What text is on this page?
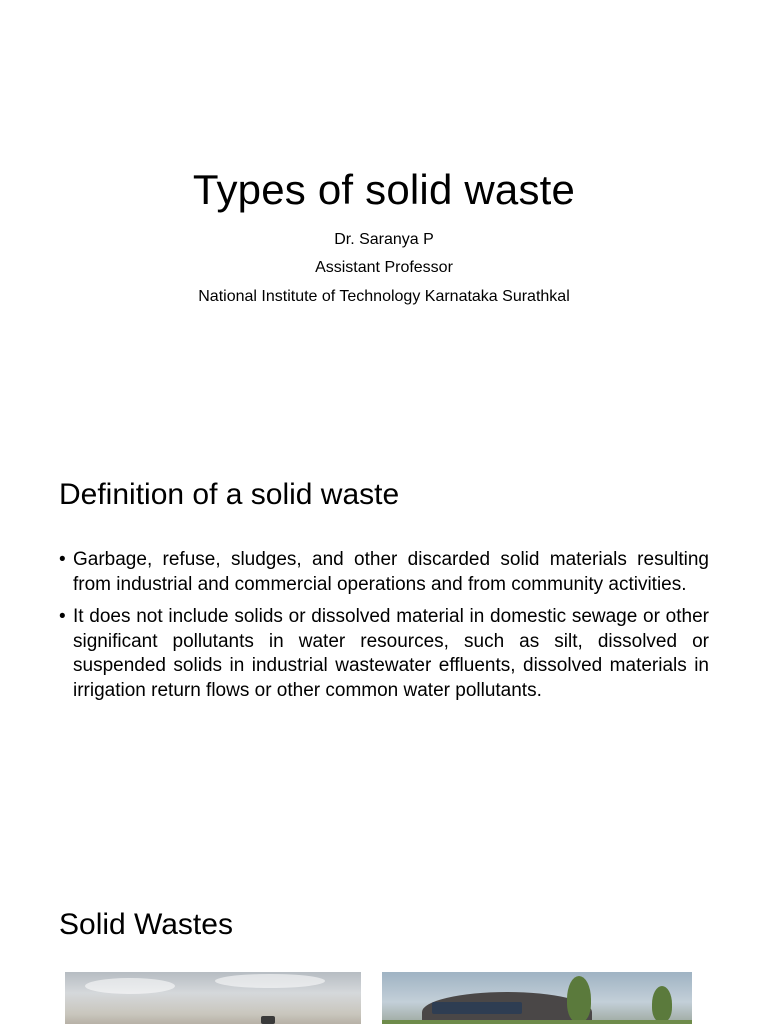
Types of solid waste
Dr. Saranya P
Assistant Professor
National Institute of Technology Karnataka Surathkal
Definition of a solid waste
• Garbage, refuse, sludges, and other discarded solid materials resulting from industrial and commercial operations and from community activities.
• It does not include solids or dissolved material in domestic sewage or other significant pollutants in water resources, such as silt, dissolved or suspended solids in industrial wastewater effluents, dissolved materials in irrigation return flows or other common water pollutants.
Solid Wastes
